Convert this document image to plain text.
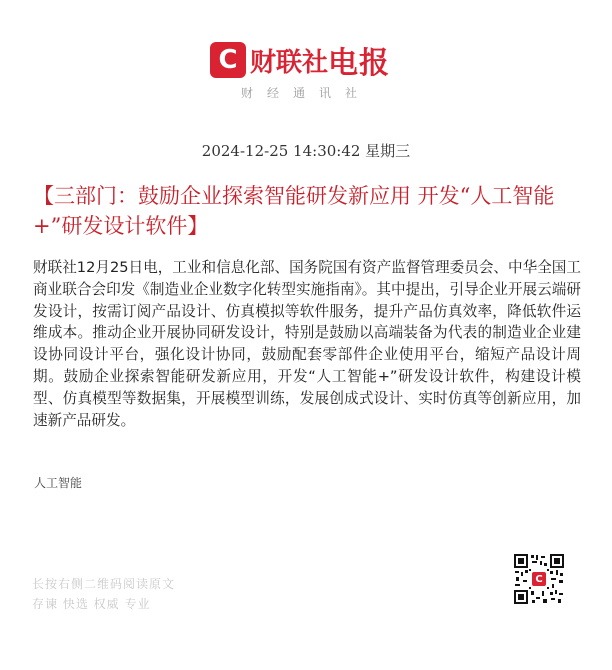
C 财联社 电报
财经通讯社
2024-12-25 14:30:42 星期三
【三部门：鼓励企业探索智能研发新应用 开发“人工智能+”研发设计软件】
财联社12月25日电，工业和信息化部、国务院国有资产监督管理委员会、中华全国工商业联合会印发《制造业企业数字化转型实施指南》。其中提出，引导企业开展云端研发设计，按需订阅产品设计、仿真模拟等软件服务，提升产品仿真效率，降低软件运维成本。推动企业开展协同研发设计，特别是鼓励以高端装备为代表的制造业企业建设协同设计平台，强化设计协同，鼓励配套零部件企业使用平台，缩短产品设计周期。鼓励企业探索智能研发新应用，开发“人工智能+”研发设计软件，构建设计模型、仿真模型等数据集，开展模型训练，发展创成式设计、实时仿真等创新应用，加速新产品研发。
人工智能
长按右侧二维码阅读原文
存谏 快选 权威 专业
C
